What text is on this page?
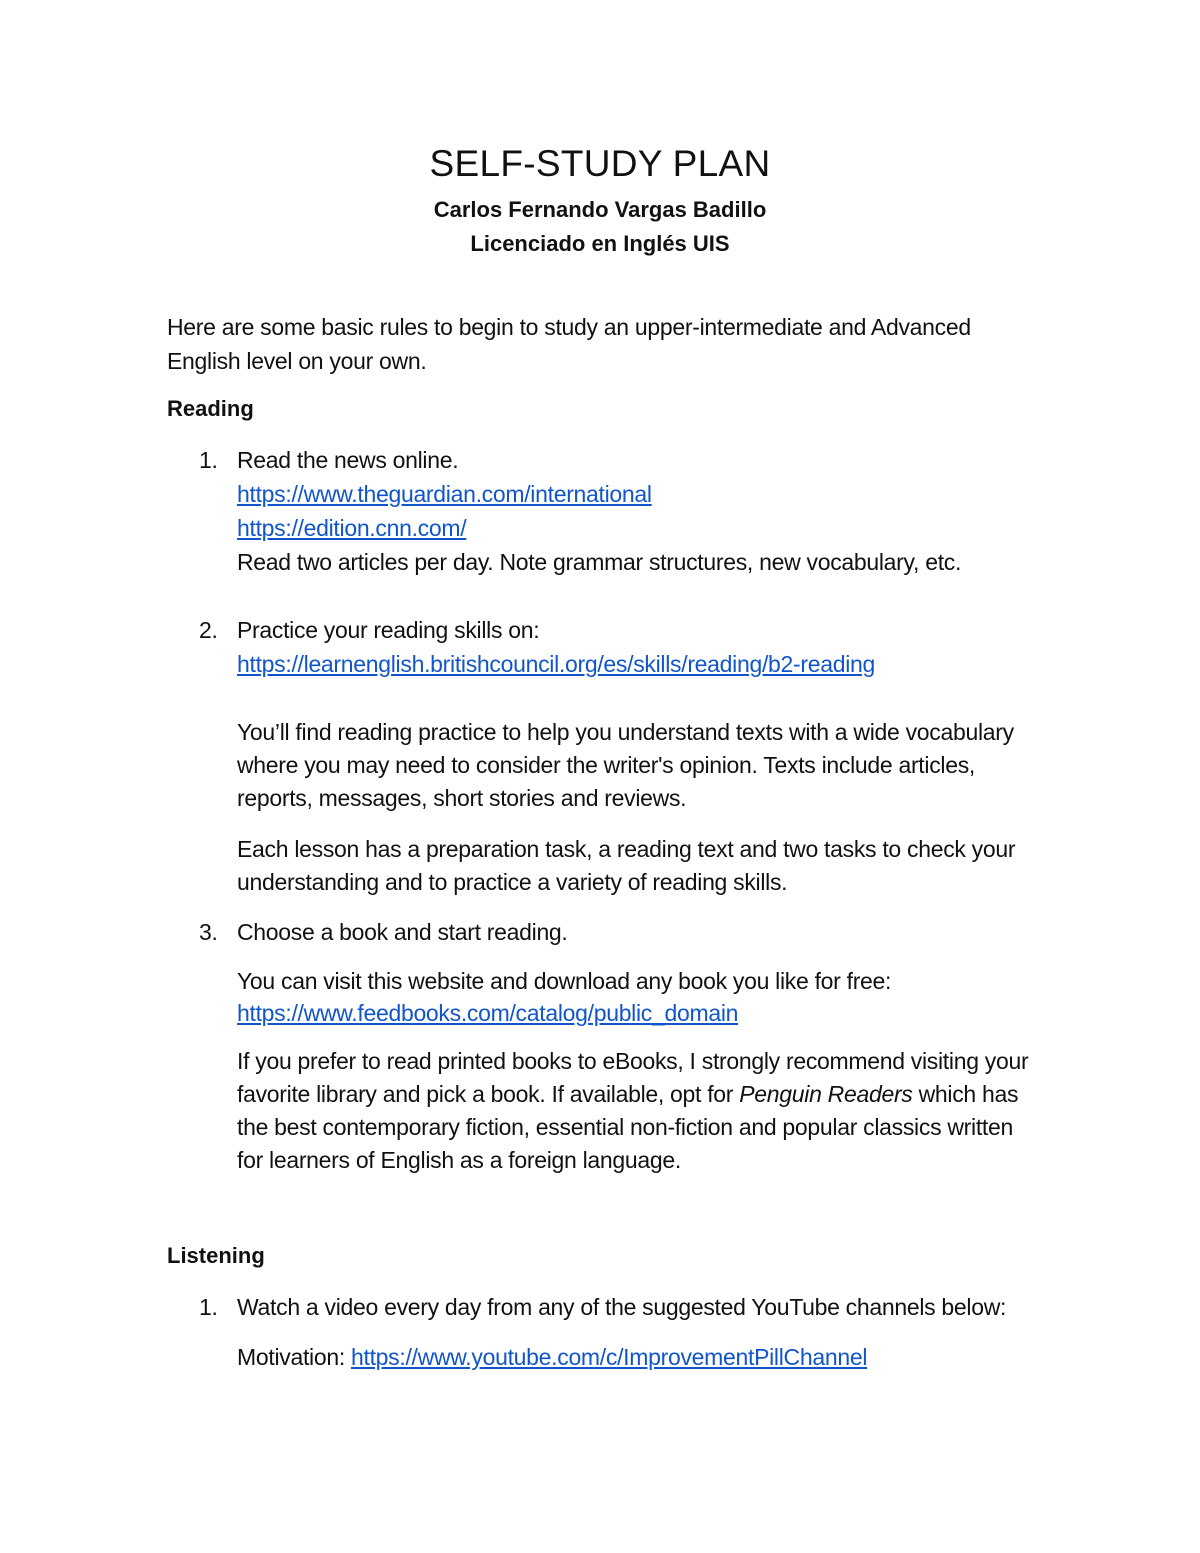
SELF-STUDY PLAN
Carlos Fernando Vargas Badillo
Licenciado en Inglés UIS
Here are some basic rules to begin to study an upper-intermediate and Advanced English level on your own.
Reading
1. Read the news online.
https://www.theguardian.com/international
https://edition.cnn.com/
Read two articles per day. Note grammar structures, new vocabulary, etc.
2. Practice your reading skills on:
https://learnenglish.britishcouncil.org/es/skills/reading/b2-reading
You’ll find reading practice to help you understand texts with a wide vocabulary where you may need to consider the writer's opinion. Texts include articles, reports, messages, short stories and reviews.
Each lesson has a preparation task, a reading text and two tasks to check your understanding and to practice a variety of reading skills.
3. Choose a book and start reading.
You can visit this website and download any book you like for free:
https://www.feedbooks.com/catalog/public_domain
If you prefer to read printed books to eBooks, I strongly recommend visiting your favorite library and pick a book. If available, opt for Penguin Readers which has the best contemporary fiction, essential non-fiction and popular classics written for learners of English as a foreign language.
Listening
1. Watch a video every day from any of the suggested YouTube channels below:
Motivation: https://www.youtube.com/c/ImprovementPillChannel
